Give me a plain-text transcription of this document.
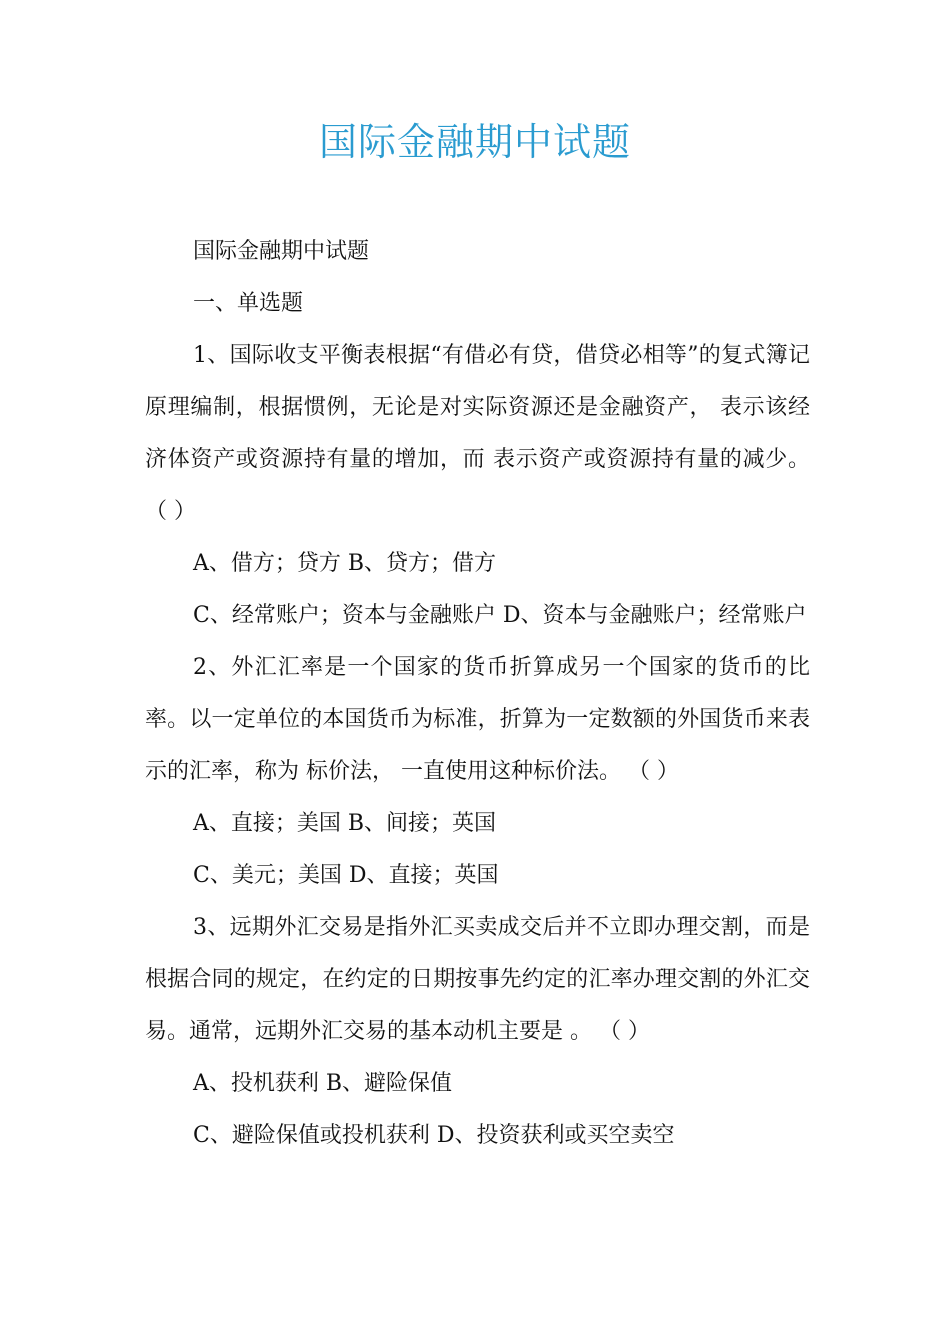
国际金融期中试题

国际金融期中试题

一、单选题

1、国际收支平衡表根据“有借必有贷，借贷必相等”的复式簿记原理编制，根据惯例，无论是对实际资源还是金融资产， 表示该经济体资产或资源持有量的增加，而 表示资产或资源持有量的减少。 （ ）

A、借方；贷方 B、贷方；借方

C、经常账户；资本与金融账户 D、资本与金融账户；经常账户

2、外汇汇率是一个国家的货币折算成另一个国家的货币的比率。以一定单位的本国货币为标准，折算为一定数额的外国货币来表示的汇率，称为 标价法， 一直使用这种标价法。 （ ）

A、直接；美国 B、间接；英国

C、美元；美国 D、直接；英国

3、远期外汇交易是指外汇买卖成交后并不立即办理交割，而是根据合同的规定，在约定的日期按事先约定的汇率办理交割的外汇交易。通常，远期外汇交易的基本动机主要是 。 （ ）

A、投机获利 B、避险保值

C、避险保值或投机获利 D、投资获利或买空卖空
